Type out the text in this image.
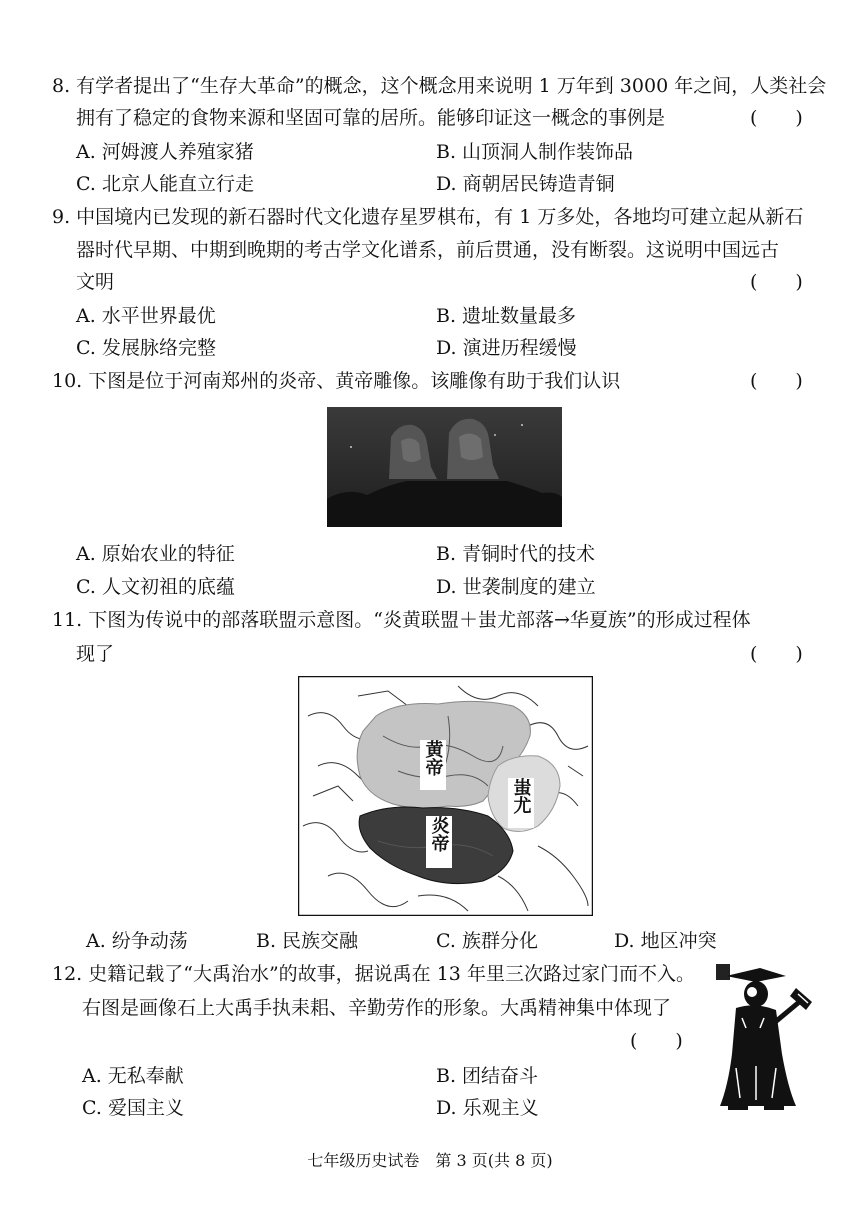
8. 有学者提出了“生存大革命”的概念，这个概念用来说明 1 万年到 3000 年之间，人类社会
拥有了稳定的食物来源和坚固可靠的居所。能够印证这一概念的事例是	(　　)
A. 河姆渡人养殖家猪	B. 山顶洞人制作装饰品
C. 北京人能直立行走	D. 商朝居民铸造青铜
9. 中国境内已发现的新石器时代文化遗存星罗棋布，有 1 万多处，各地均可建立起从新石
器时代早期、中期到晚期的考古学文化谱系，前后贯通，没有断裂。这说明中国远古
文明	(　　)
A. 水平世界最优	B. 遗址数量最多
C. 发展脉络完整	D. 演进历程缓慢
10. 下图是位于河南郑州的炎帝、黄帝雕像。该雕像有助于我们认识	(　　)
A. 原始农业的特征	B. 青铜时代的技术
C. 人文初祖的底蕴	D. 世袭制度的建立
11. 下图为传说中的部落联盟示意图。“炎黄联盟＋蚩尤部落→华夏族”的形成过程体
现了	(　　)
黄帝
蚩尤
炎帝
A. 纷争动荡	B. 民族交融	C. 族群分化	D. 地区冲突
12. 史籍记载了“大禹治水”的故事，据说禹在 13 年里三次路过家门而不入。
右图是画像石上大禹手执耒耜、辛勤劳作的形象。大禹精神集中体现了
(　　)
A. 无私奉献	B. 团结奋斗
C. 爱国主义	D. 乐观主义
七年级历史试卷　第 3 页(共 8 页)
